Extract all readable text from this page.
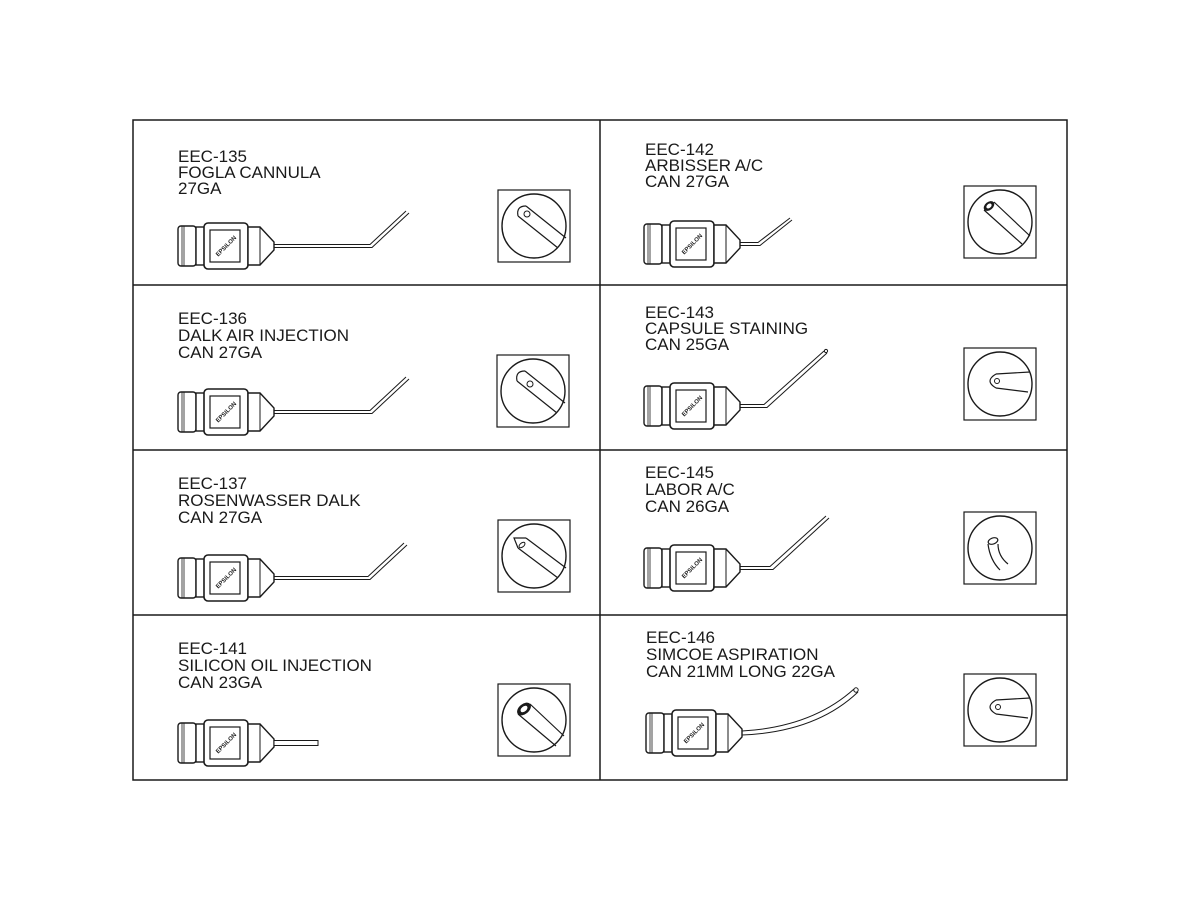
EEC-135
FOGLA CANNULA
27GA
EPSILON
EEC-142
ARBISSER A/C
CAN 27GA
EPSILON
EEC-136
DALK AIR INJECTION
CAN 27GA
EPSILON
EEC-143
CAPSULE STAINING
CAN 25GA
EPSILON
EEC-137
ROSENWASSER DALK
CAN 27GA
EPSILON
EEC-145
LABOR A/C
CAN 26GA
EPSILON
EEC-141
SILICON OIL INJECTION
CAN 23GA
EPSILON
EEC-146
SIMCOE ASPIRATION
CAN 21MM LONG 22GA
EPSILON
